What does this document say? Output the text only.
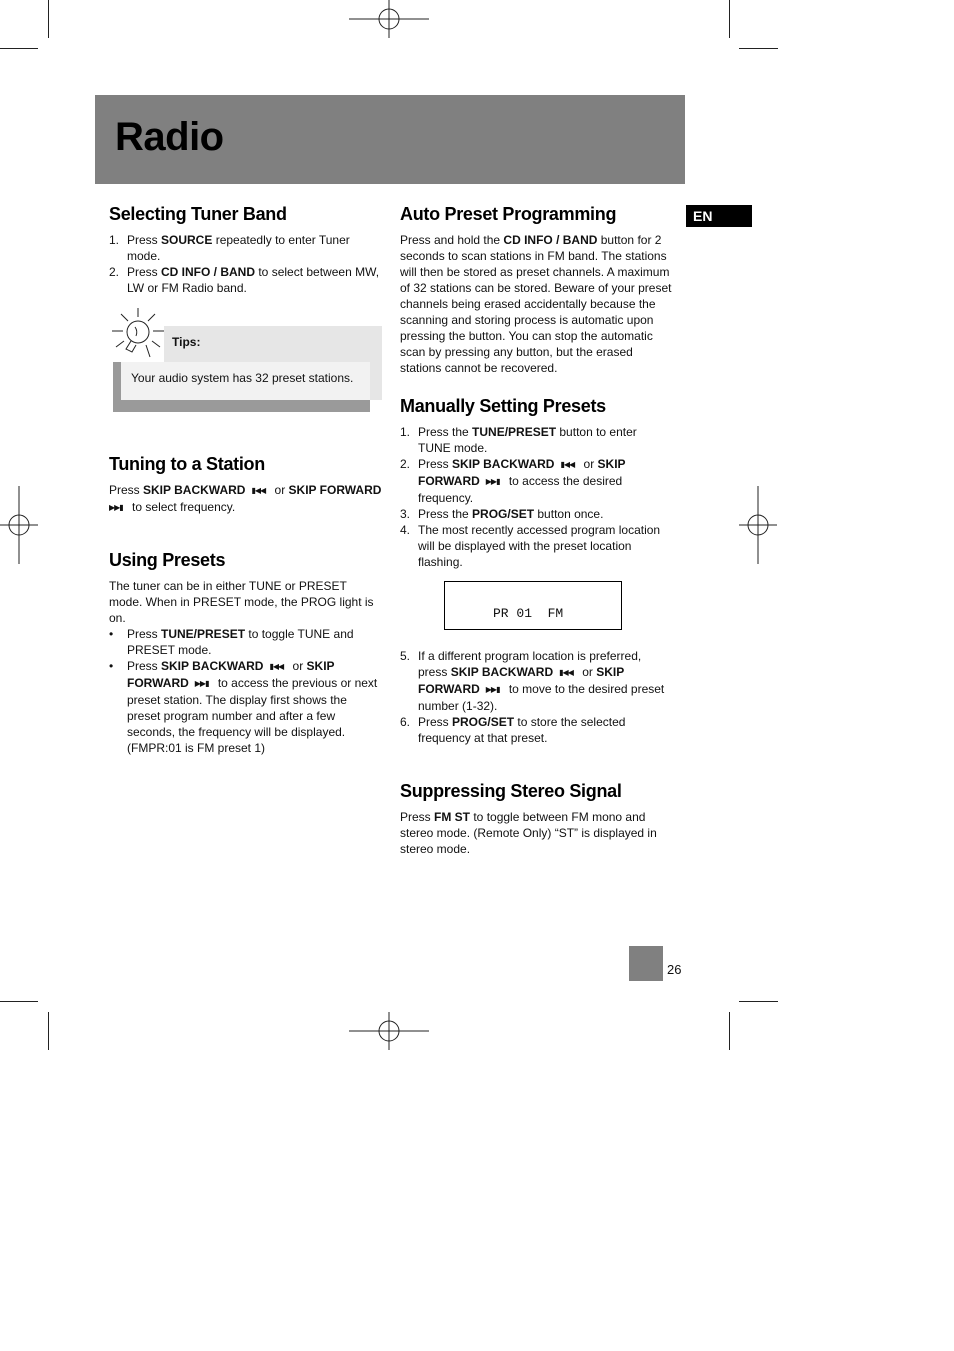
Radio
EN
Selecting Tuner Band
1. Press SOURCE repeatedly to enter Tuner mode.
2. Press CD INFO / BAND to select between MW, LW or FM Radio band.
Tips:
Your audio system has 32 preset stations.
Tuning to a Station
Press SKIP BACKWARD ▮◀◀ or SKIP FORWARD
▶▶▮ to select frequency.
Using Presets

The tuner can be in either TUNE or PRESET mode. When in PRESET mode, the PROG light is on.

• Press TUNE/PRESET to toggle TUNE and PRESET mode.
• Press SKIP BACKWARD ▮◀◀ or SKIP FORWARD ▶▶▮ to access the previous or next preset station. The display first shows the preset program number and after a few seconds, the frequency will be displayed. (FMPR:01 is FM preset 1)
Auto Preset Programming
Press and hold the CD INFO / BAND button for 2 seconds to scan stations in FM band. The stations will then be stored as preset channels. A maximum of 32 stations can be stored. Beware of your preset channels being erased accidentally because the scanning and storing process is automatic upon pressing the button. You can stop the automatic scan by pressing any button, but the erased stations cannot be recovered.
Manually Setting Presets
1. Press the TUNE/PRESET button to enter TUNE mode.
2. Press SKIP BACKWARD ▮◀◀ or SKIP FORWARD ▶▶▮ to access the desired frequency.
3. Press the PROG/SET button once.
4. The most recently accessed program location will be displayed with the preset location flashing.
PR 01  FM
5. If a different program location is preferred, press SKIP BACKWARD ▮◀◀ or SKIP FORWARD ▶▶▮ to move to the desired preset number (1-32).
6. Press PROG/SET to store the selected frequency at that preset.
Suppressing Stereo Signal
Press FM ST to toggle between FM mono and stereo mode. (Remote Only) “ST” is displayed in stereo mode.
26
